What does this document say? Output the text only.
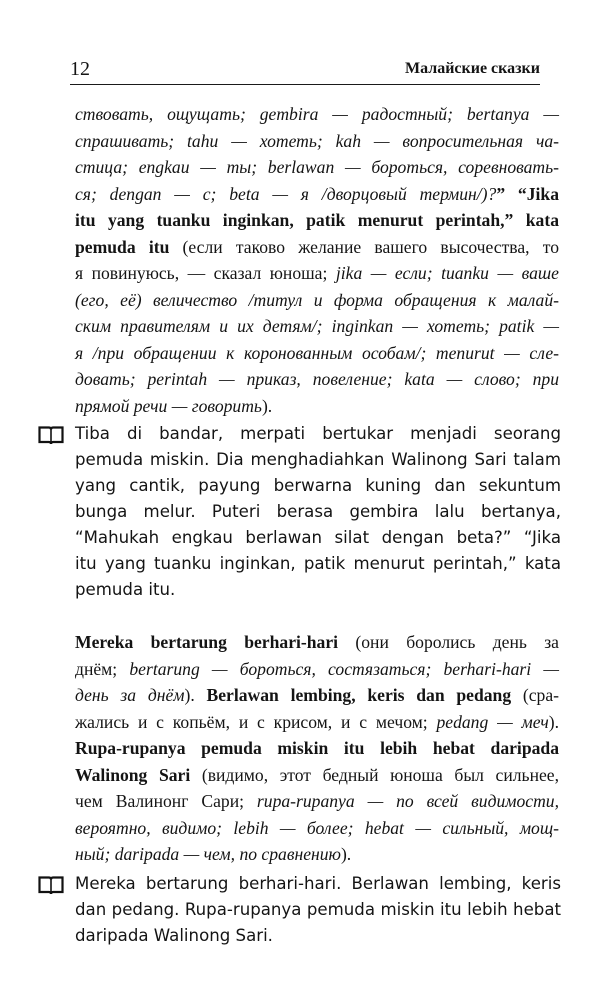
12	Малайские сказки
ствовать, ощущать; gembira — радостный; bertanya —
спрашивать; tahu — хотеть; kah — вопросительная ча-
стица; engkau — ты; berlawan — бороться, соревновать-
ся; dengan — с; beta — я /дворцовый термин/)?” “Jika
itu yang tuanku inginkan, patik menurut perintah,” kata
pemuda itu (если таково желание вашего высочества, то
я повинуюсь, — сказал юноша; jika — если; tuanku — ваше
(его, её) величество /титул и форма обращения к малай-
ским правителям и их детям/; inginkan — хотеть; patik —
я /при обращении к коронованным особам/; menurut — сле-
довать; perintah — приказ, повеление; kata — слово; при
прямой речи — говорить).
Tiba di bandar, merpati bertukar menjadi seorang
pemuda miskin. Dia menghadiahkan Walinong Sari talam
yang cantik, payung berwarna kuning dan sekuntum
bunga melur. Puteri berasa gembira lalu bertanya,
“Mahukah engkau berlawan silat dengan beta?” “Jika
itu yang tuanku inginkan, patik menurut perintah,” kata
pemuda itu.
Mereka bertarung berhari-hari (они боролись день за
днём; bertarung — бороться, состязаться; berhari-hari —
день за днём). Berlawan lembing, keris dan pedang (сра-
жались и с копьём, и с крисом, и с мечом; pedang — меч).
Rupa-rupanya pemuda miskin itu lebih hebat daripada
Walinong Sari (видимо, этот бедный юноша был сильнее,
чем Валинонг Сари; rupa-rupanya — по всей видимости,
вероятно, видимо; lebih — более; hebat — сильный, мощ-
ный; daripada — чем, по сравнению).
Mereka bertarung berhari-hari. Berlawan lembing, keris
dan pedang. Rupa-rupanya pemuda miskin itu lebih hebat
daripada Walinong Sari.
